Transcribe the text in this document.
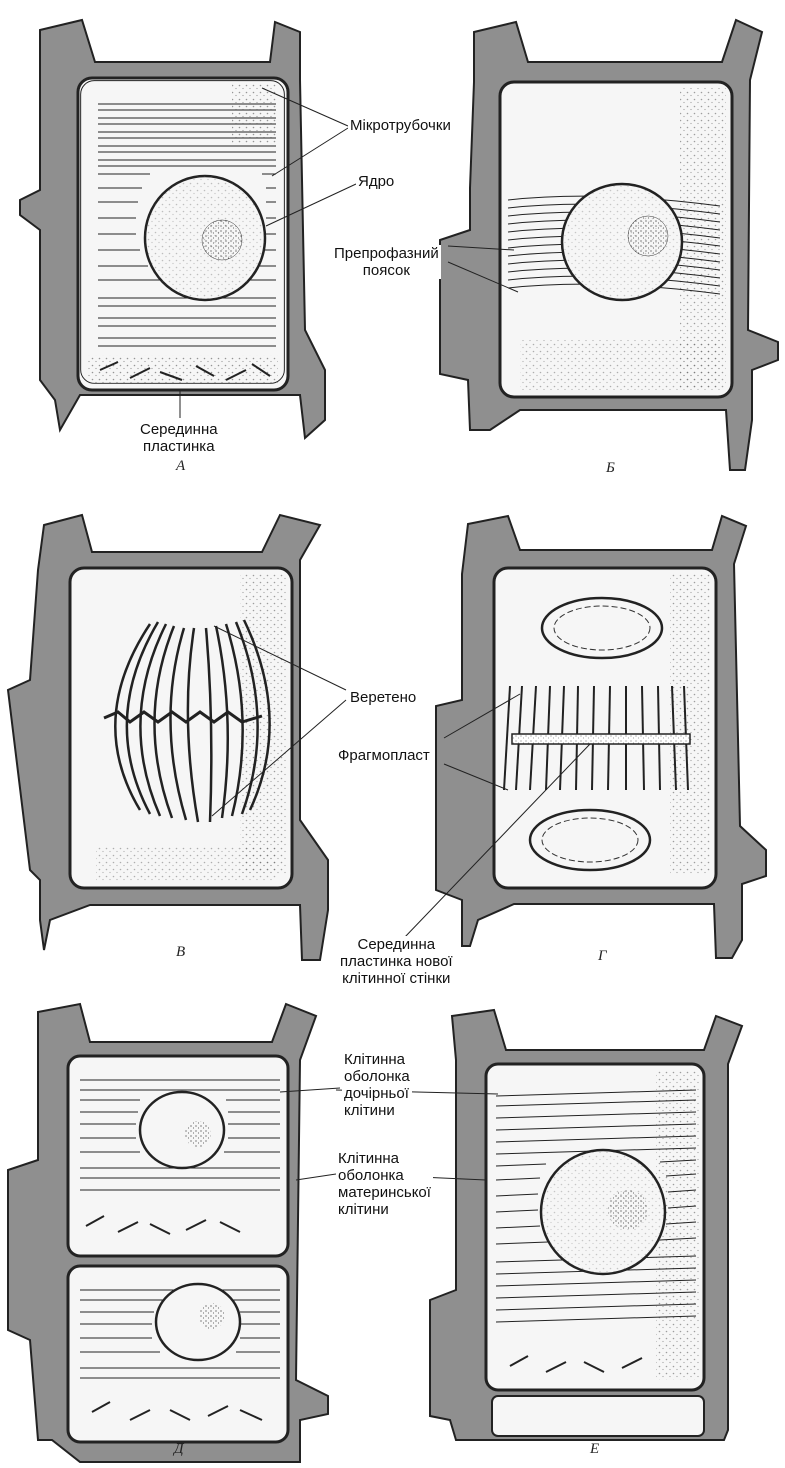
Мікротрубочки
Ядро
Препрофазний
поясок
Серединна
пластинка
Веретено
Фрагмопласт
Серединна
пластинка нової
клітинної стінки
Клітинна
оболонка
дочірньої
клітини
Клітинна
оболонка
материнської
клітини
А	Б
В	Г
Д	Е
